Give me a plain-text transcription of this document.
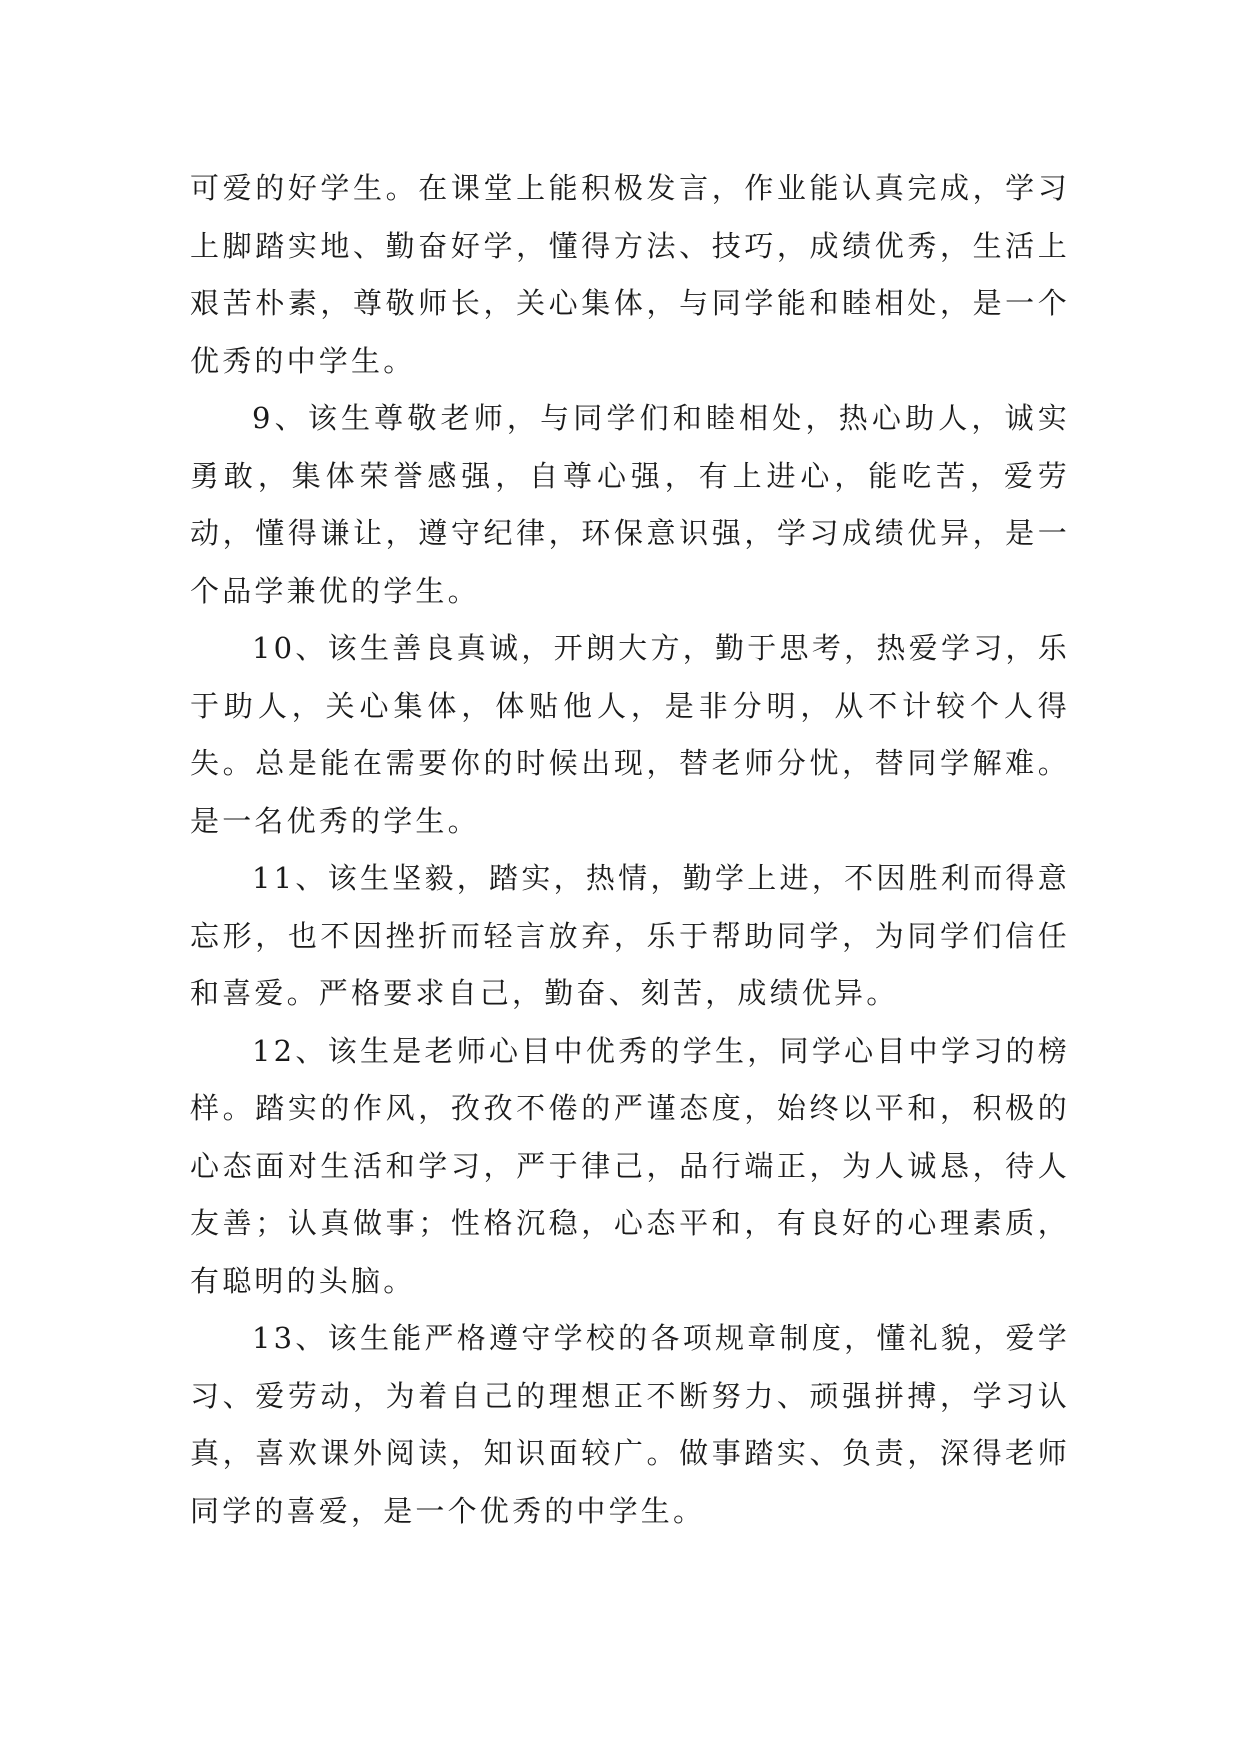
可爱的好学生。在课堂上能积极发言，作业能认真完成，学习上脚踏实地、勤奋好学，懂得方法、技巧，成绩优秀，生活上艰苦朴素，尊敬师长，关心集体，与同学能和睦相处，是一个优秀的中学生。

9、该生尊敬老师，与同学们和睦相处，热心助人，诚实勇敢，集体荣誉感强，自尊心强，有上进心，能吃苦，爱劳动，懂得谦让，遵守纪律，环保意识强，学习成绩优异，是一个品学兼优的学生。

10、该生善良真诚，开朗大方，勤于思考，热爱学习，乐于助人，关心集体，体贴他人，是非分明，从不计较个人得失。总是能在需要你的时候出现，替老师分忧，替同学解难。是一名优秀的学生。

11、该生坚毅，踏实，热情，勤学上进，不因胜利而得意忘形，也不因挫折而轻言放弃，乐于帮助同学，为同学们信任和喜爱。严格要求自己，勤奋、刻苦，成绩优异。

12、该生是老师心目中优秀的学生，同学心目中学习的榜样。踏实的作风，孜孜不倦的严谨态度，始终以平和，积极的心态面对生活和学习，严于律己，品行端正，为人诚恳，待人友善；认真做事；性格沉稳，心态平和，有良好的心理素质，有聪明的头脑。

13、该生能严格遵守学校的各项规章制度，懂礼貌，爱学习、爱劳动，为着自己的理想正不断努力、顽强拼搏，学习认真，喜欢课外阅读，知识面较广。做事踏实、负责，深得老师同学的喜爱，是一个优秀的中学生。
